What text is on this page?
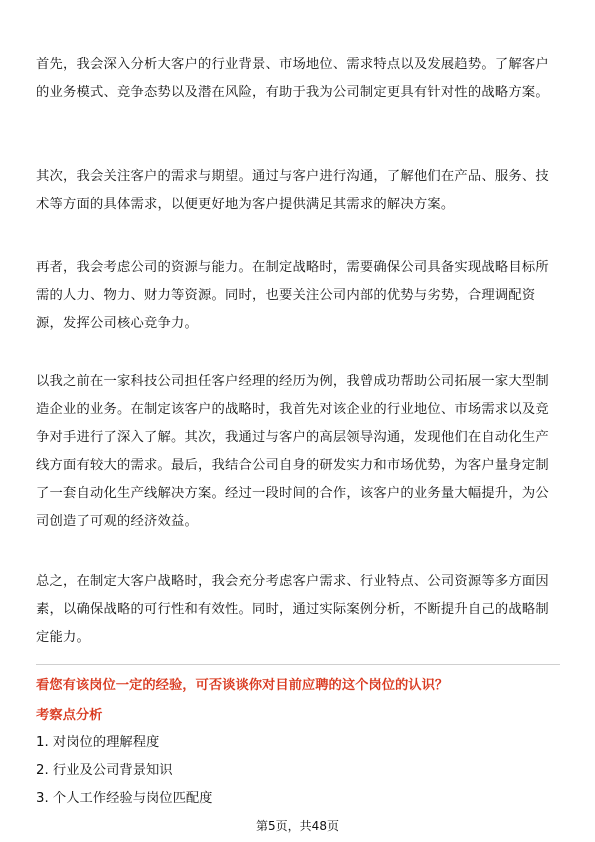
首先，我会深入分析大客户的行业背景、市场地位、需求特点以及发展趋势。了解客户的业务模式、竞争态势以及潜在风险，有助于我为公司制定更具有针对性的战略方案。

其次，我会关注客户的需求与期望。通过与客户进行沟通，了解他们在产品、服务、技术等方面的具体需求，以便更好地为客户提供满足其需求的解决方案。

再者，我会考虑公司的资源与能力。在制定战略时，需要确保公司具备实现战略目标所需的人力、物力、财力等资源。同时，也要关注公司内部的优势与劣势，合理调配资源，发挥公司核心竞争力。

以我之前在一家科技公司担任客户经理的经历为例，我曾成功帮助公司拓展一家大型制造企业的业务。在制定该客户的战略时，我首先对该企业的行业地位、市场需求以及竞争对手进行了深入了解。其次，我通过与客户的高层领导沟通，发现他们在自动化生产线方面有较大的需求。最后，我结合公司自身的研发实力和市场优势，为客户量身定制了一套自动化生产线解决方案。经过一段时间的合作，该客户的业务量大幅提升，为公司创造了可观的经济效益。

总之，在制定大客户战略时，我会充分考虑客户需求、行业特点、公司资源等多方面因素，以确保战略的可行性和有效性。同时，通过实际案例分析，不断提升自己的战略制定能力。

看您有该岗位一定的经验，可否谈谈你对目前应聘的这个岗位的认识？

考察点分析

1. 对岗位的理解程度

2. 行业及公司背景知识

3. 个人工作经验与岗位匹配度

第5页，共48页
